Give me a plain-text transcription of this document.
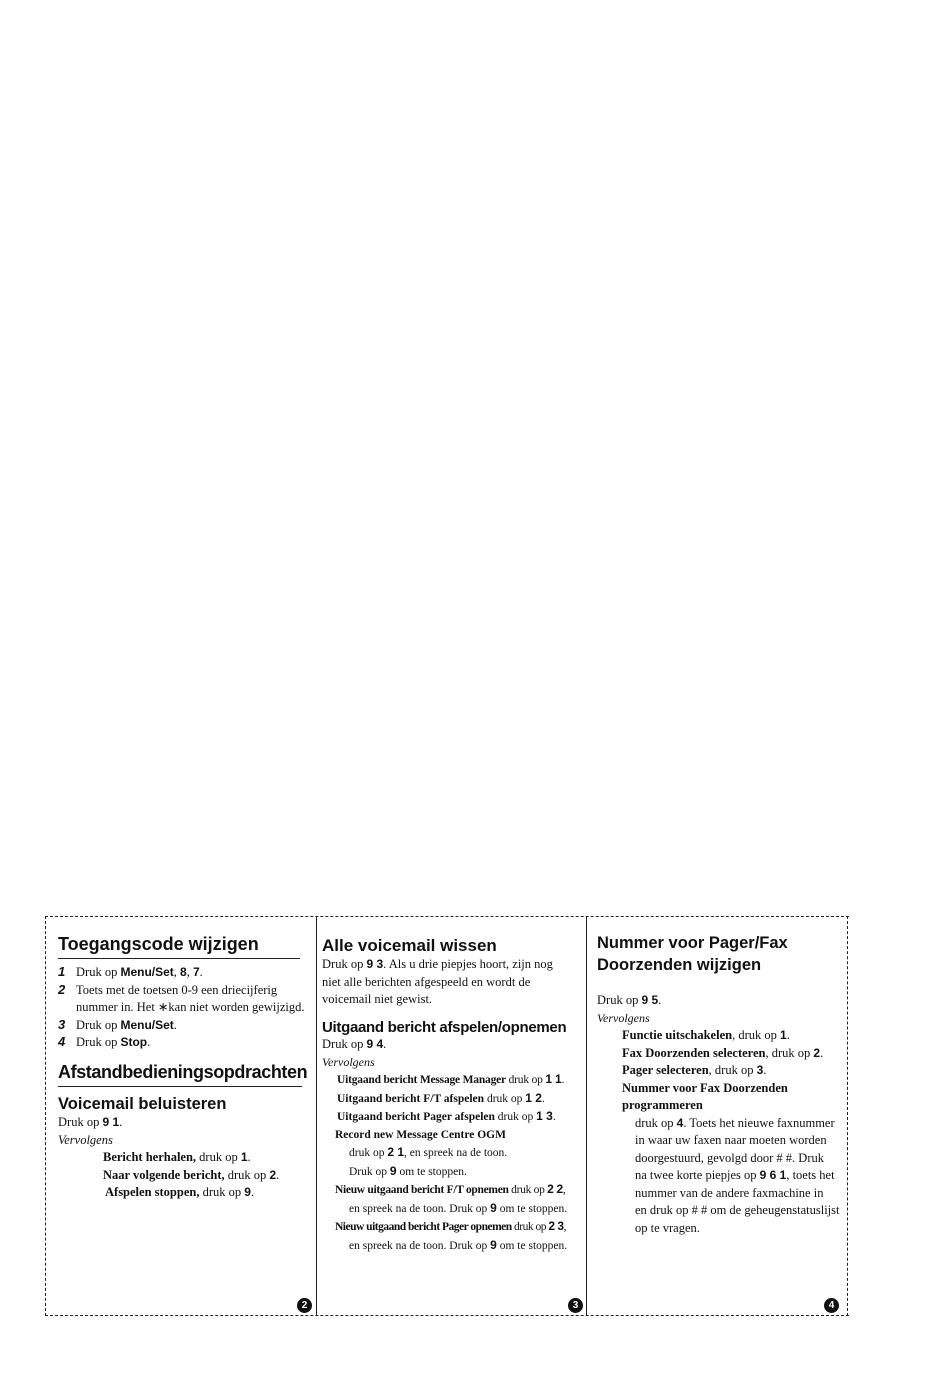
Toegangscode wijzigen

1 Druk op Menu/Set, 8, 7.

2 Toets met de toetsen 0-9 een driecijferig

nummer in. Het ∗kan niet worden gewijzigd.

3 Druk op Menu/Set.

4 Druk op Stop.

Afstandbedieningsopdrachten

Voicemail beluisteren

Druk op 9 1.

Vervolgens

Bericht herhalen, druk op 1.

Naar volgende bericht, druk op 2.

Afspelen stoppen, druk op 9.

2

Alle voicemail wissen

Druk op 9 3. Als u drie piepjes hoort, zijn nog

niet alle berichten afgespeeld en wordt de

voicemail niet gewist.

Uitgaand bericht afspelen/opnemen

Druk op 9 4.

Vervolgens

Uitgaand bericht Message Manager druk op 1 1.

Uitgaand bericht F/T afspelen druk op 1 2.

Uitgaand bericht Pager afspelen druk op 1 3.

Record new Message Centre OGM

druk op 2 1, en spreek na de toon.

Druk op 9 om te stoppen.

Nieuw uitgaand bericht F/T opnemen druk op 2 2,

en spreek na de toon. Druk op 9 om te stoppen.

Nieuw uitgaand bericht Pager opnemen druk op 2 3,

en spreek na de toon. Druk op 9 om te stoppen.

3

Nummer voor Pager/Fax

Doorzenden wijzigen

Druk op 9 5.

Vervolgens

Functie uitschakelen, druk op 1.

Fax Doorzenden selecteren, druk op 2.

Pager selecteren, druk op 3.

Nummer voor Fax Doorzenden

programmeren

druk op 4. Toets het nieuwe faxnummer

in waar uw faxen naar moeten worden

doorgestuurd, gevolgd door # #. Druk

na twee korte piepjes op 9 6 1, toets het

nummer van de andere faxmachine in

en druk op # # om de geheugenstatuslijst

op te vragen.

4
